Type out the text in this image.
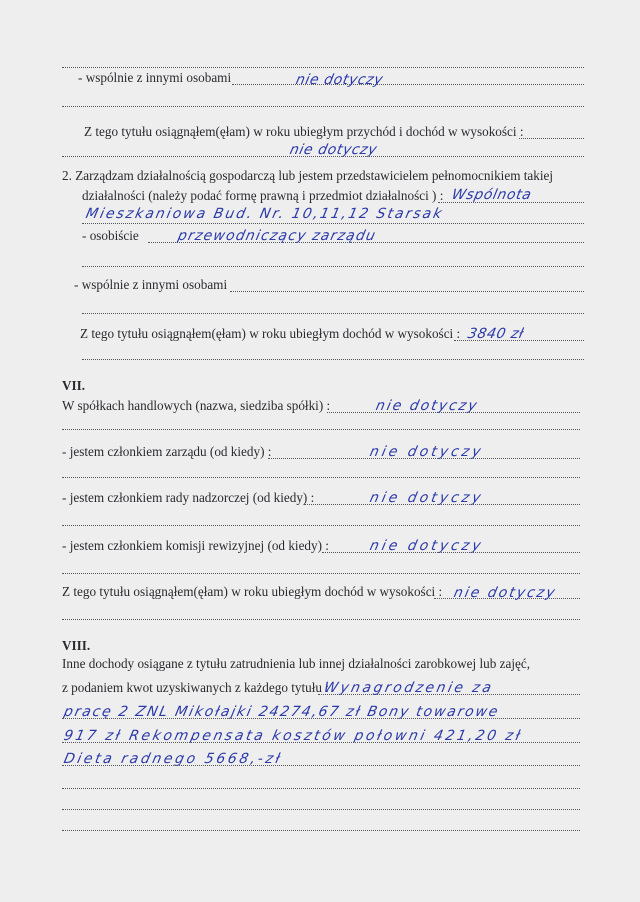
- wspólnie z innymi osobami	nie dotyczy
Z tego tytułu osiągnąłem(ęłam) w roku ubiegłym przychód i dochód w wysokości :
nie dotyczy
2. Zarządzam działalnością gospodarczą lub jestem przedstawicielem pełnomocnikiem takiej
działalności (należy podać formę prawną i przedmiot działalności ) : Wspólnota
Mieszkaniowa Bud. Nr. 10,11,12 Starsak
- osobiście	przewodniczący zarządu
- wspólnie z innymi osobami
Z tego tytułu osiągnąłem(ęłam) w roku ubiegłym dochód w wysokości : 3840 zł
VII.
W spółkach handlowych (nazwa, siedziba spółki) :	nie dotyczy
- jestem członkiem zarządu (od kiedy) :	nie dotyczy
- jestem członkiem rady nadzorczej (od kiedy) :	nie dotyczy
- jestem członkiem komisji rewizyjnej (od kiedy) :	nie dotyczy
Z tego tytułu osiągnąłem(ęłam) w roku ubiegłym dochód w wysokości : nie dotyczy
VIII.
Inne dochody osiągane z tytułu zatrudnienia lub innej działalności zarobkowej lub zajęć,
z podaniem kwot uzyskiwanych z każdego tytułu :
Wynagrodzenie za
pracę 2 ZNL Mikołajki 24274,67 zł Bony towarowe
917 zł Rekompensata kosztów połowni 421,20 zł
Dieta radnego 5668,-zł
